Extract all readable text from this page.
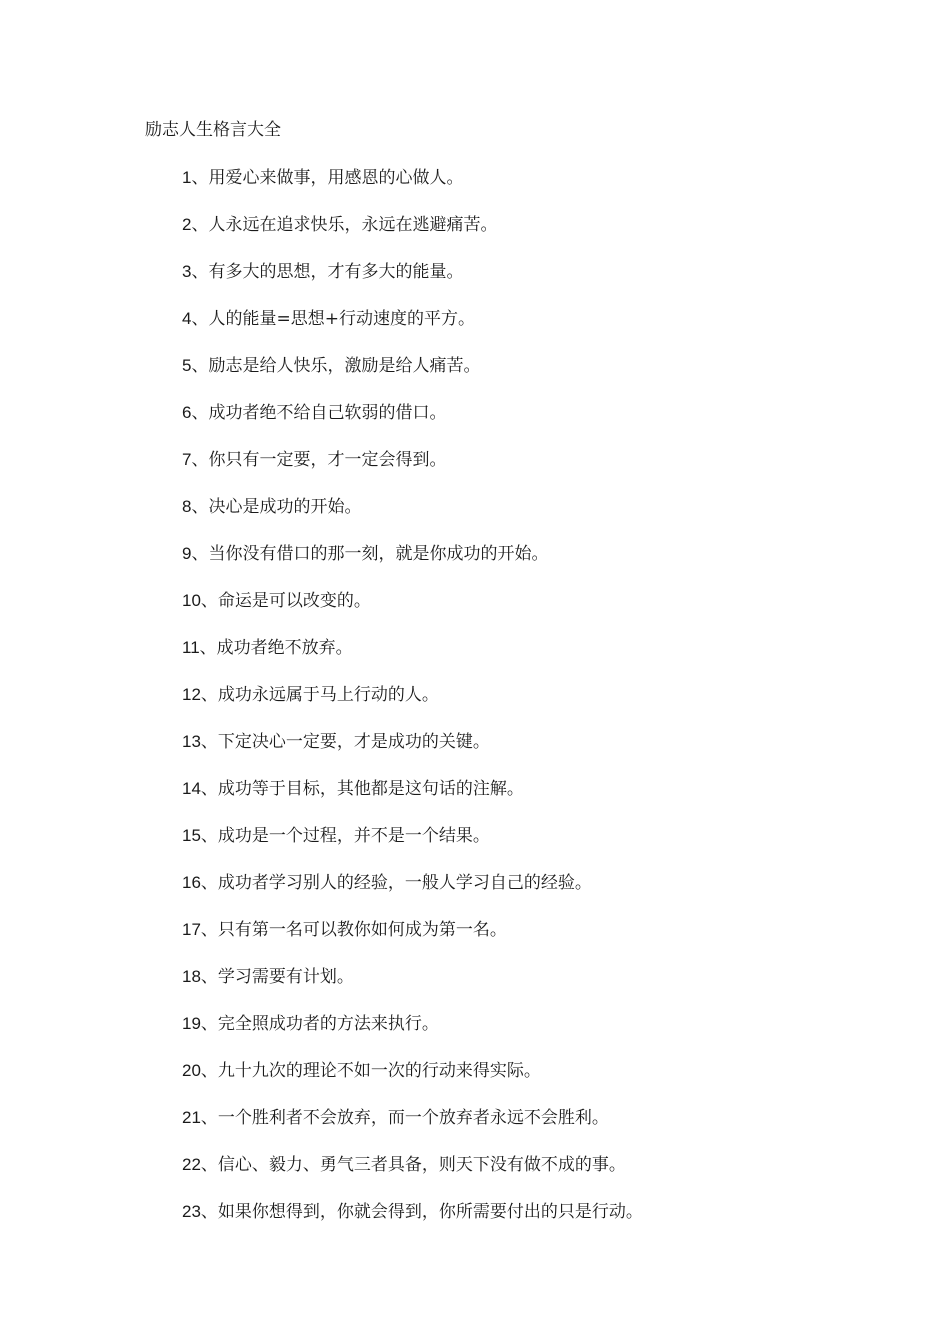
励志人生格言大全
1、用爱心来做事，用感恩的心做人。
2、人永远在追求快乐，永远在逃避痛苦。
3、有多大的思想，才有多大的能量。
4、人的能量=思想+行动速度的平方。
5、励志是给人快乐，激励是给人痛苦。
6、成功者绝不给自己软弱的借口。
7、你只有一定要，才一定会得到。
8、决心是成功的开始。
9、当你没有借口的那一刻，就是你成功的开始。
10、命运是可以改变的。
11、成功者绝不放弃。
12、成功永远属于马上行动的人。
13、下定决心一定要，才是成功的关键。
14、成功等于目标，其他都是这句话的注解。
15、成功是一个过程，并不是一个结果。
16、成功者学习别人的经验，一般人学习自己的经验。
17、只有第一名可以教你如何成为第一名。
18、学习需要有计划。
19、完全照成功者的方法来执行。
20、九十九次的理论不如一次的行动来得实际。
21、一个胜利者不会放弃，而一个放弃者永远不会胜利。
22、信心、毅力、勇气三者具备，则天下没有做不成的事。
23、如果你想得到，你就会得到，你所需要付出的只是行动。
